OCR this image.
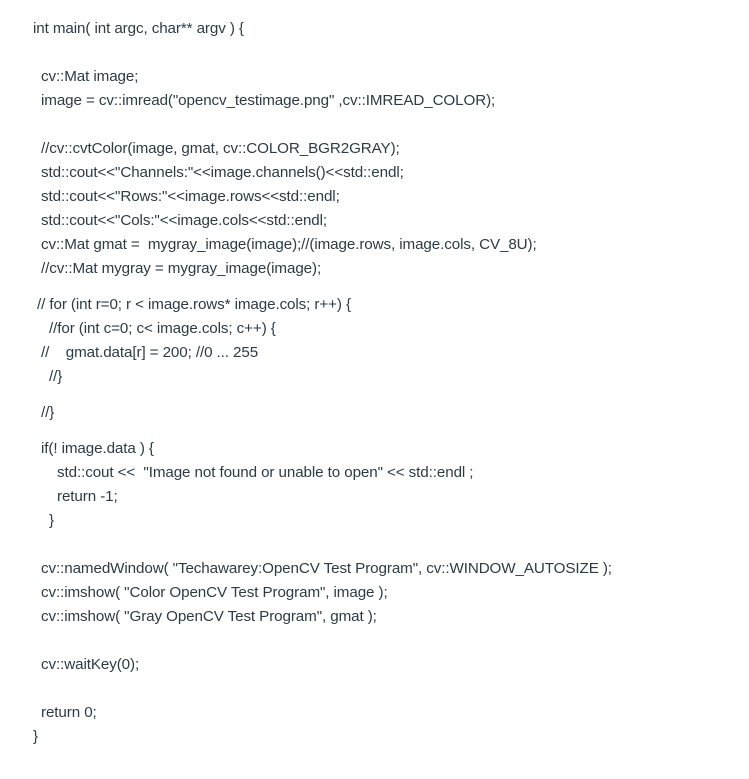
int main( int argc, char** argv ) {
cv::Mat image;
image = cv::imread("opencv_testimage.png" ,cv::IMREAD_COLOR);
//cv::cvtColor(image, gmat, cv::COLOR_BGR2GRAY);
std::cout<<"Channels:"<<image.channels()<<std::endl;
std::cout<<"Rows:"<<image.rows<<std::endl;
std::cout<<"Cols:"<<image.cols<<std::endl;
cv::Mat gmat =  mygray_image(image);//(image.rows, image.cols, CV_8U);
//cv::Mat mygray = mygray_image(image);
// for (int r=0; r < image.rows* image.cols; r++) {
//for (int c=0; c< image.cols; c++) {
//    gmat.data[r] = 200; //0 ... 255
//}
//}
if(! image.data ) {
std::cout <<  "Image not found or unable to open" << std::endl ;
return -1;
}
cv::namedWindow( "Techawarey:OpenCV Test Program", cv::WINDOW_AUTOSIZE );
cv::imshow( "Color OpenCV Test Program", image );
cv::imshow( "Gray OpenCV Test Program", gmat );
cv::waitKey(0);
return 0;
}
